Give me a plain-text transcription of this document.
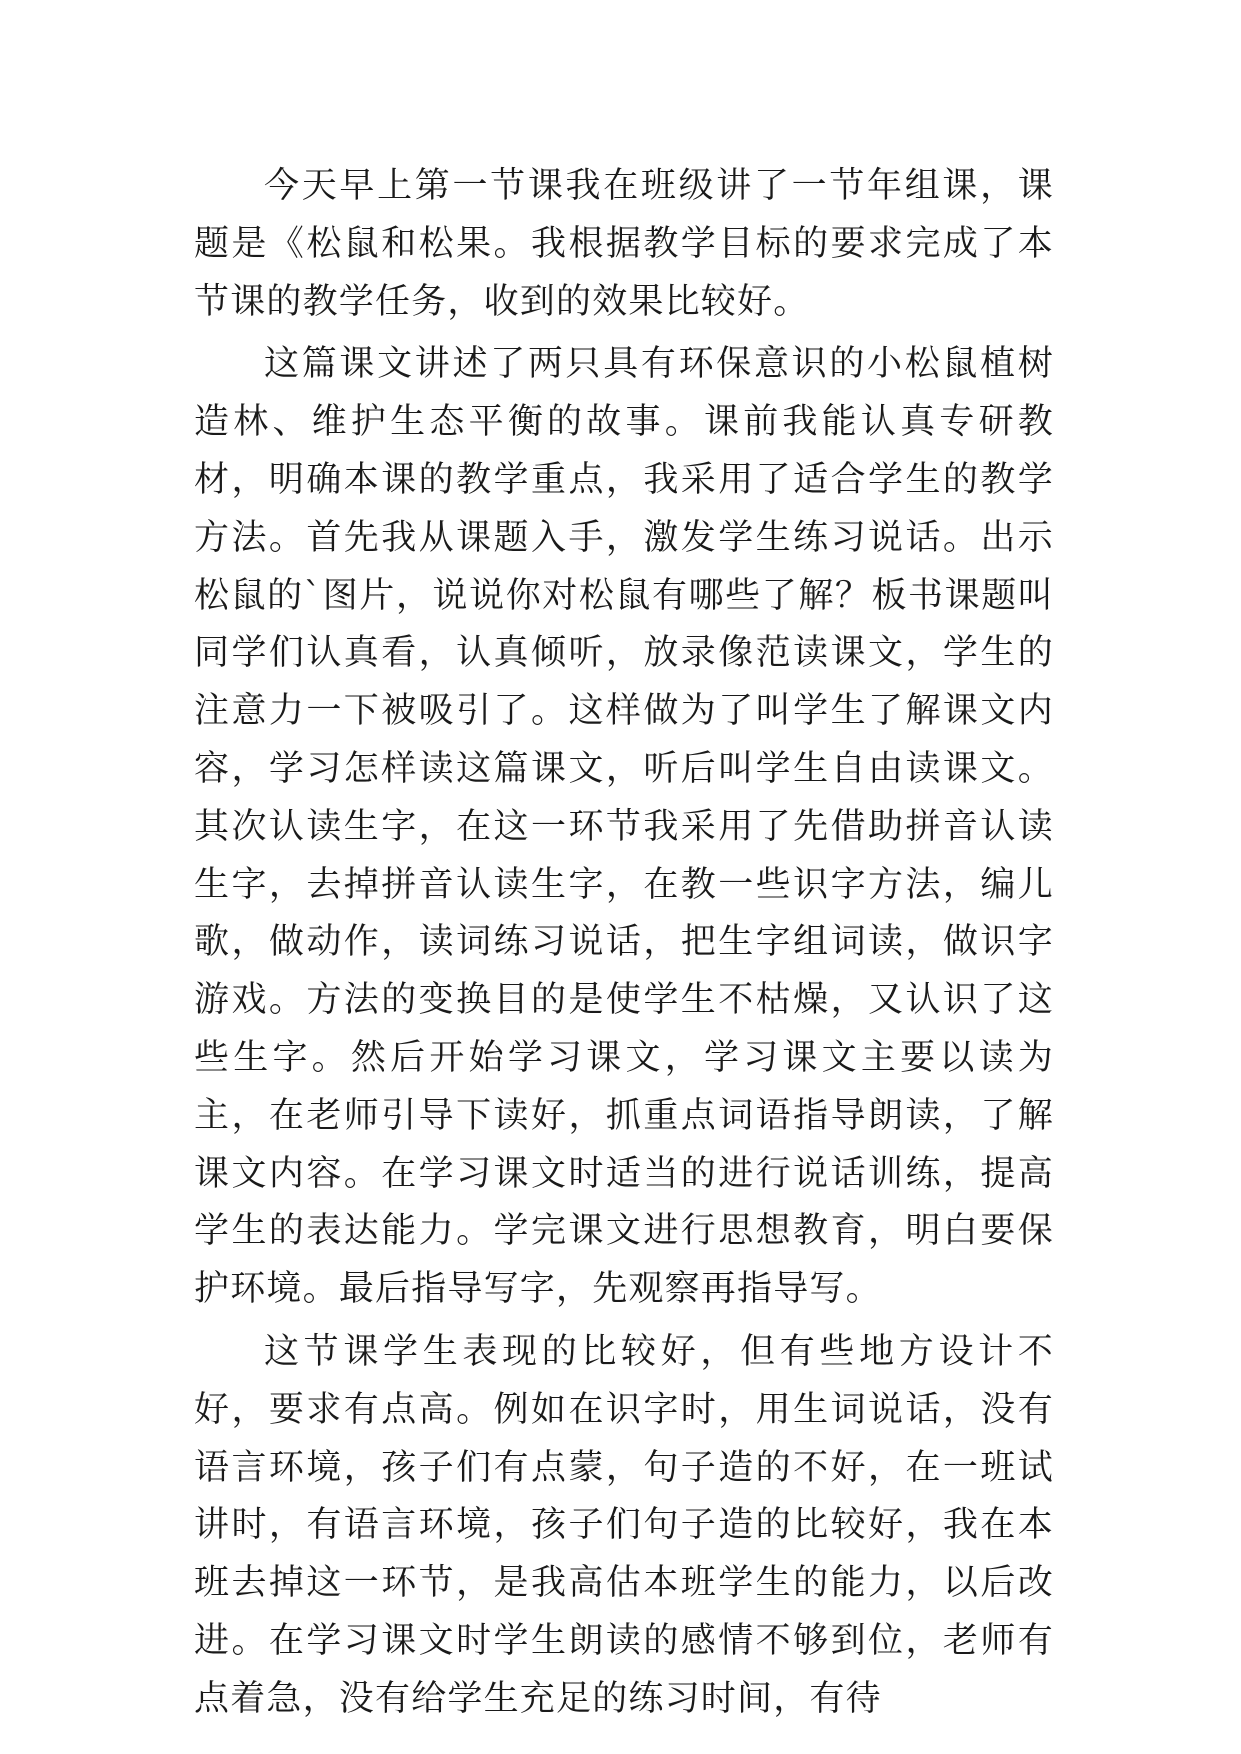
今天早上第一节课我在班级讲了一节年组课，课题是《松鼠和松果。我根据教学目标的要求完成了本节课的教学任务，收到的效果比较好。

这篇课文讲述了两只具有环保意识的小松鼠植树造林、维护生态平衡的故事。课前我能认真专研教材，明确本课的教学重点，我采用了适合学生的教学方法。首先我从课题入手，激发学生练习说话。出示松鼠的`图片，说说你对松鼠有哪些了解？板书课题叫同学们认真看，认真倾听，放录像范读课文，学生的注意力一下被吸引了。这样做为了叫学生了解课文内容，学习怎样读这篇课文，听后叫学生自由读课文。其次认读生字，在这一环节我采用了先借助拼音认读生字，去掉拼音认读生字，在教一些识字方法，编儿歌，做动作，读词练习说话，把生字组词读，做识字游戏。方法的变换目的是使学生不枯燥，又认识了这些生字。然后开始学习课文，学习课文主要以读为主，在老师引导下读好，抓重点词语指导朗读，了解课文内容。在学习课文时适当的进行说话训练，提高学生的表达能力。学完课文进行思想教育，明白要保护环境。最后指导写字，先观察再指导写。

这节课学生表现的比较好，但有些地方设计不好，要求有点高。例如在识字时，用生词说话，没有语言环境，孩子们有点蒙，句子造的不好，在一班试讲时，有语言环境，孩子们句子造的比较好，我在本班去掉这一环节，是我高估本班学生的能力，以后改进。在学习课文时学生朗读的感情不够到位，老师有点着急，没有给学生充足的练习时间，有待
